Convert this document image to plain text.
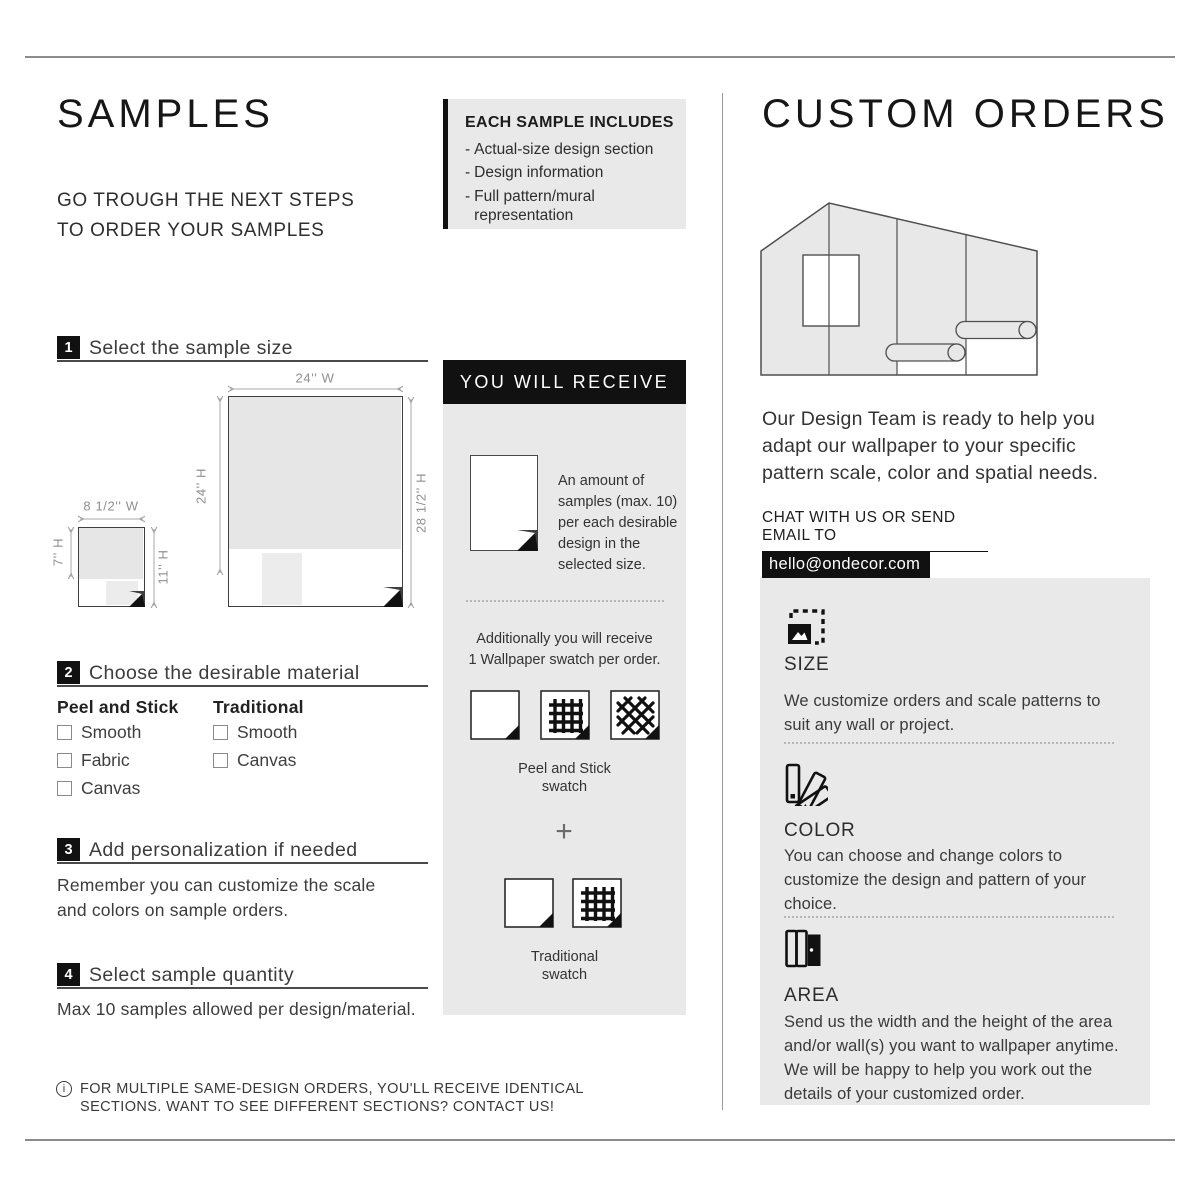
SAMPLES
GO TROUGH THE NEXT STEPS
TO ORDER YOUR SAMPLES
1 Select the sample size
24'' W
24'' H	28 1/2'' H
8 1/2'' W
7'' H	11'' H
2 Choose the desirable material
Peel and Stick
Smooth
Fabric
Canvas
Traditional
Smooth
Canvas
3 Add personalization if needed
Remember you can customize the scale and colors on sample orders.
4 Select sample quantity
Max 10 samples allowed per design/material.
i	FOR MULTIPLE SAME-DESIGN ORDERS, YOU'LL RECEIVE IDENTICAL
SECTIONS. WANT TO SEE DIFFERENT SECTIONS? CONTACT US!
EACH SAMPLE INCLUDES
- Actual-size design section
- Design information
- Full pattern/mural representation
YOU WILL RECEIVE
An amount of samples (max. 10) per each desirable design in the selected size.
Additionally you will receive
1 Wallpaper swatch per order.
Peel and Stick
swatch
+
Traditional
swatch
CUSTOM ORDERS
Our Design Team is ready to help you adapt our wallpaper to your specific pattern scale, color and spatial needs.
CHAT WITH US OR SEND EMAIL TO
hello@ondecor.com
SIZE
We customize orders and scale patterns to suit any wall or project.
COLOR
You can choose and change colors to customize the design and pattern of your choice.
AREA
Send us the width and the height of the area and/or wall(s) you want to wallpaper anytime. We will be happy to help you work out the details of your customized order.
